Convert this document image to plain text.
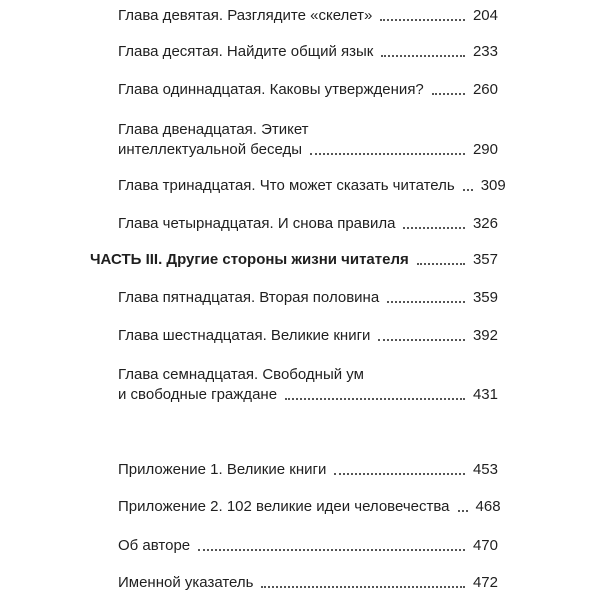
Глава девятая. Разглядите «скелет»	204
Глава десятая. Найдите общий язык	233
Глава одиннадцатая. Каковы утверждения?	260
Глава двенадцатая. Этикет
интеллектуальной беседы	290
Глава тринадцатая. Что может сказать читатель 309
Глава четырнадцатая. И снова правила	326
ЧАСТЬ III. Другие стороны жизни читателя	357
Глава пятнадцатая. Вторая половина	359
Глава шестнадцатая. Великие книги	392
Глава семнадцатая. Свободный ум
и свободные граждане	431
Приложение 1. Великие книги	453
Приложение 2. 102 великие идеи человечества 468
Об авторе	470
Именной указатель	472
